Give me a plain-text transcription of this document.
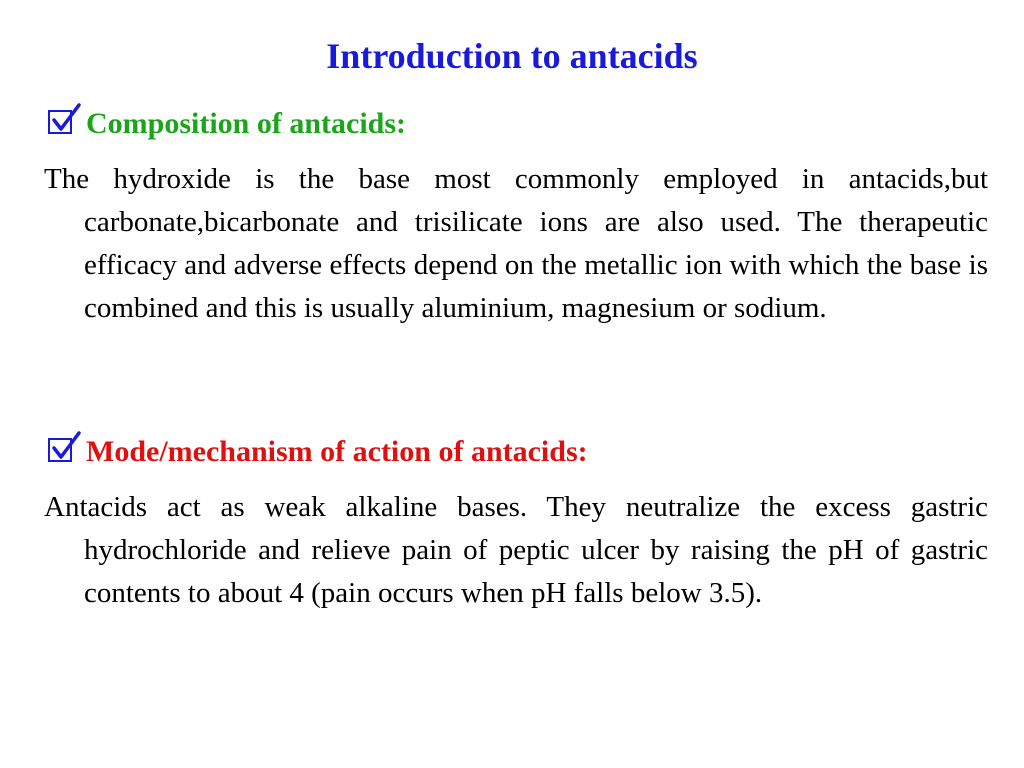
Introduction to antacids
Composition of antacids:
The hydroxide is the base most commonly employed in antacids,but carbonate,bicarbonate and trisilicate ions are also used. The therapeutic efficacy and adverse effects depend on the metallic ion with which the base is combined and this is usually aluminium, magnesium or sodium.
Mode/mechanism of action of antacids:
Antacids act as weak alkaline bases. They neutralize the excess gastric hydrochloride and relieve pain of peptic ulcer by raising the pH of gastric contents to about 4 (pain occurs when pH falls below 3.5).
